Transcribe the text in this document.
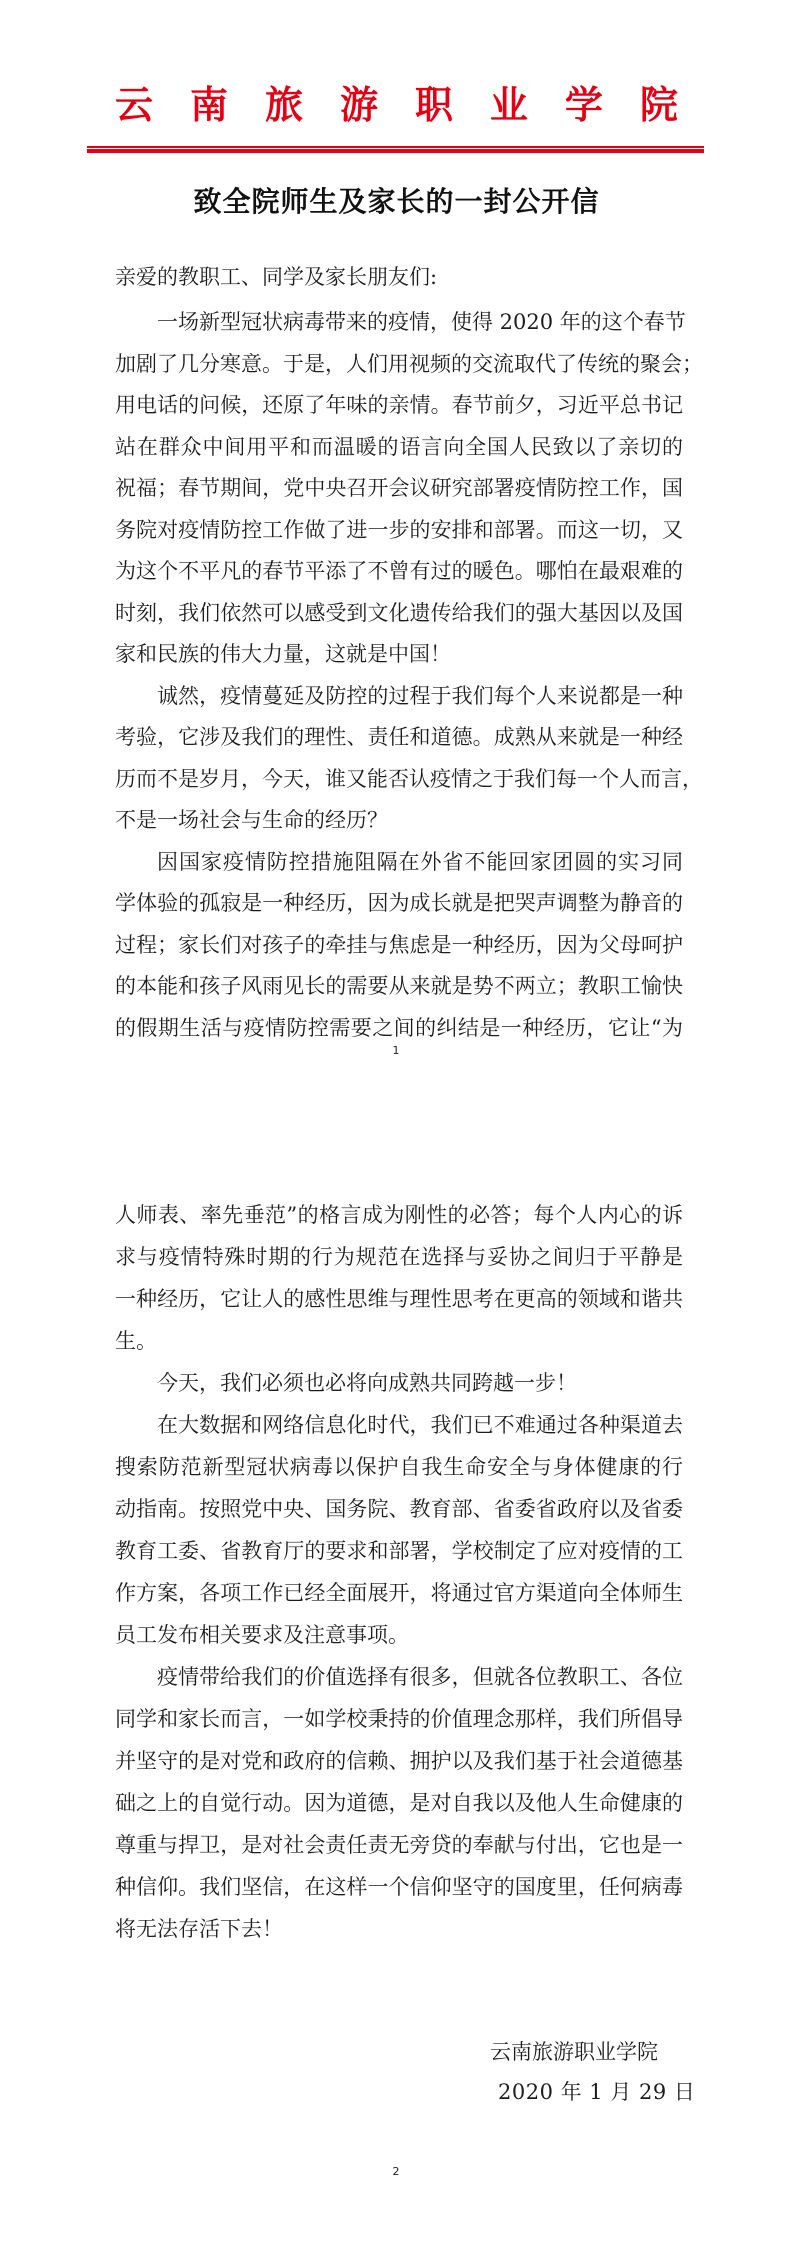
云 南 旅 游 职 业 学 院
致全院师生及家长的一封公开信
亲爱的教职工、同学及家长朋友们:
一场新型冠状病毒带来的疫情，使得 2020 年的这个春节
加剧了几分寒意。于是，人们用视频的交流取代了传统的聚会；
用电话的问候，还原了年味的亲情。春节前夕，习近平总书记
站在群众中间用平和而温暖的语言向全国人民致以了亲切的
祝福；春节期间，党中央召开会议研究部署疫情防控工作，国
务院对疫情防控工作做了进一步的安排和部署。而这一切，又
为这个不平凡的春节平添了不曾有过的暖色。哪怕在最艰难的
时刻，我们依然可以感受到文化遗传给我们的强大基因以及国
家和民族的伟大力量，这就是中国！
诚然，疫情蔓延及防控的过程于我们每个人来说都是一种
考验，它涉及我们的理性、责任和道德。成熟从来就是一种经
历而不是岁月，今天，谁又能否认疫情之于我们每一个人而言，
不是一场社会与生命的经历？
因国家疫情防控措施阻隔在外省不能回家团圆的实习同
学体验的孤寂是一种经历，因为成长就是把哭声调整为静音的
过程；家长们对孩子的牵挂与焦虑是一种经历，因为父母呵护
的本能和孩子风雨见长的需要从来就是势不两立；教职工愉快
的假期生活与疫情防控需要之间的纠结是一种经历，它让“为
人师表、率先垂范”的格言成为刚性的必答；每个人内心的诉
求与疫情特殊时期的行为规范在选择与妥协之间归于平静是
一种经历，它让人的感性思维与理性思考在更高的领域和谐共
生。
今天，我们必须也必将向成熟共同跨越一步！
在大数据和网络信息化时代，我们已不难通过各种渠道去
搜索防范新型冠状病毒以保护自我生命安全与身体健康的行
动指南。按照党中央、国务院、教育部、省委省政府以及省委
教育工委、省教育厅的要求和部署，学校制定了应对疫情的工
作方案，各项工作已经全面展开，将通过官方渠道向全体师生
员工发布相关要求及注意事项。
疫情带给我们的价值选择有很多，但就各位教职工、各位
同学和家长而言，一如学校秉持的价值理念那样，我们所倡导
并坚守的是对党和政府的信赖、拥护以及我们基于社会道德基
础之上的自觉行动。因为道德，是对自我以及他人生命健康的
尊重与捍卫，是对社会责任责无旁贷的奉献与付出，它也是一
种信仰。我们坚信，在这样一个信仰坚守的国度里，任何病毒
将无法存活下去！
1
云南旅游职业学院
2020 年 1 月 29 日
2
